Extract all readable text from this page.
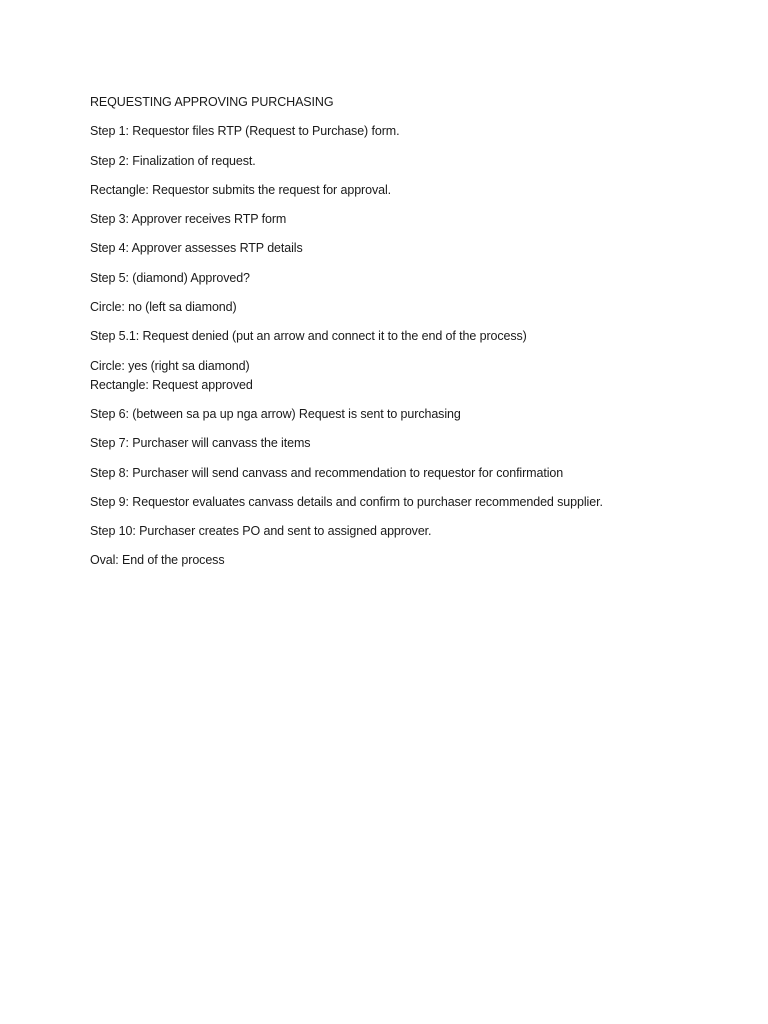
REQUESTING APPROVING PURCHASING
Step 1: Requestor files RTP (Request to Purchase) form.
Step 2: Finalization of request.
Rectangle: Requestor submits the request for approval.
Step 3: Approver receives RTP form
Step 4: Approver assesses RTP details
Step 5: (diamond) Approved?
Circle: no (left sa diamond)
Step 5.1: Request denied (put an arrow and connect it to the end of the process)
Circle: yes (right sa diamond)
Rectangle: Request approved
Step 6: (between sa pa up nga arrow) Request is sent to purchasing
Step 7: Purchaser will canvass the items
Step 8: Purchaser will send canvass and recommendation to requestor for confirmation
Step 9: Requestor evaluates canvass details and confirm to purchaser recommended supplier.
Step 10: Purchaser creates PO and sent to assigned approver.
Oval: End of the process
